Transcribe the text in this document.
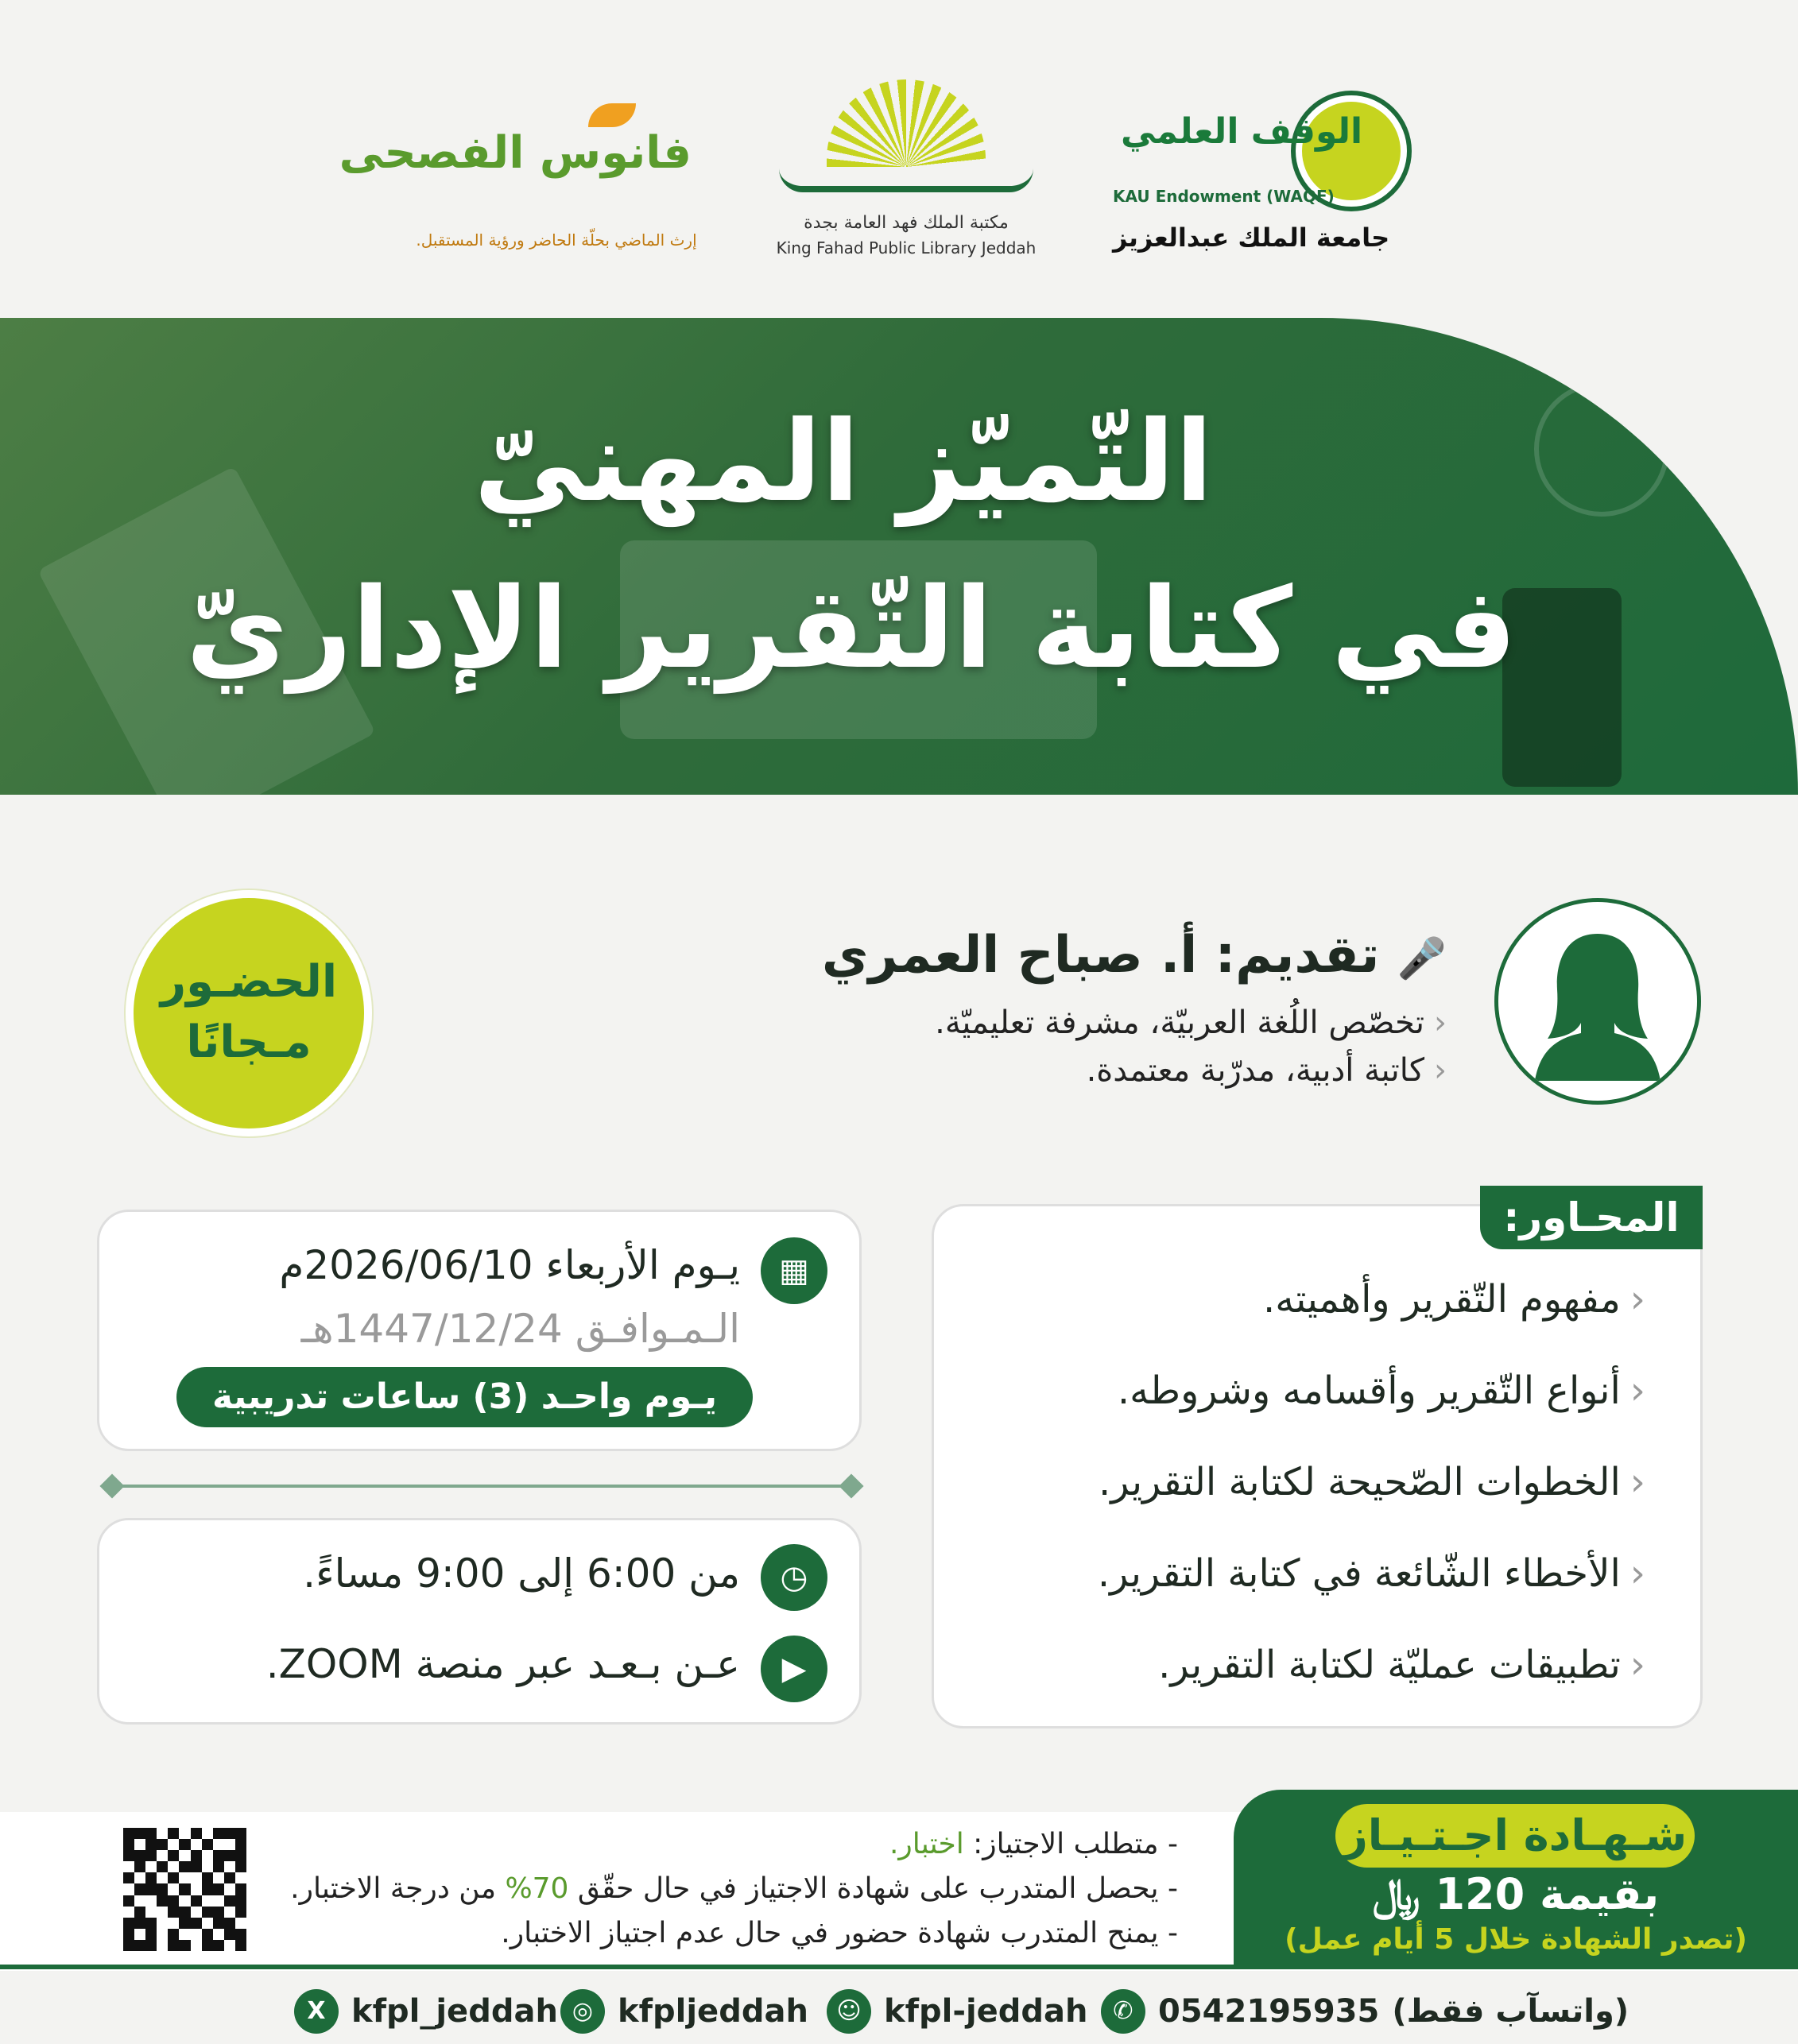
الوقف العلمي
KAU Endowment (WAQF)
جامعة الملك عبدالعزيز
مكتبة الملك فهد العامة بجدة
King Fahad Public Library Jeddah
فانوس الفصحى
إرث الماضي بحلّة الحاضر ورؤية المستقبل.
التّميّز المهنيّ
في كتابة التّقرير الإداريّ
🎤 تقديم: أ. صباح العمري
‹تخصّص اللُغة العربيّة، مشرفة تعليميّة.
‹كاتبة أدبية، مدرّبة معتمدة.
الحضـور
مـجانًا
المحـاور:
‹مفهوم التّقرير وأهميته.
‹أنواع التّقرير وأقسامه وشروطه.
‹الخطوات الصّحيحة لكتابة التقرير.
‹الأخطاء الشّائعة في كتابة التقرير.
‹تطبيقات عمليّة لكتابة التقرير.
▦
يـوم الأربعاء 2026/06/10م
الـمـوافـق 1447/12/24هـ
يـوم واحـد (3) ساعات تدريبية
◷
من 6:00 إلى 9:00 مساءً.
▶
عـن بـعـد عبر منصة ZOOM.
- متطلب الاجتياز: اختبار.
- يحصل المتدرب على شهادة الاجتياز في حال حقّق 70% من درجة الاختبار.
- يمنح المتدرب شهادة حضور في حال عدم اجتياز الاختبار.
شـهـادة اجـتـيـاز
بقيمة 120 ﷼
(تصدر الشهادة خلال 5 أيام عمل)
X kfpl_jeddah ◎ kfpljeddah	☺ kfpl-jeddah	✆ 0542195935 (واتسآب فقط)
